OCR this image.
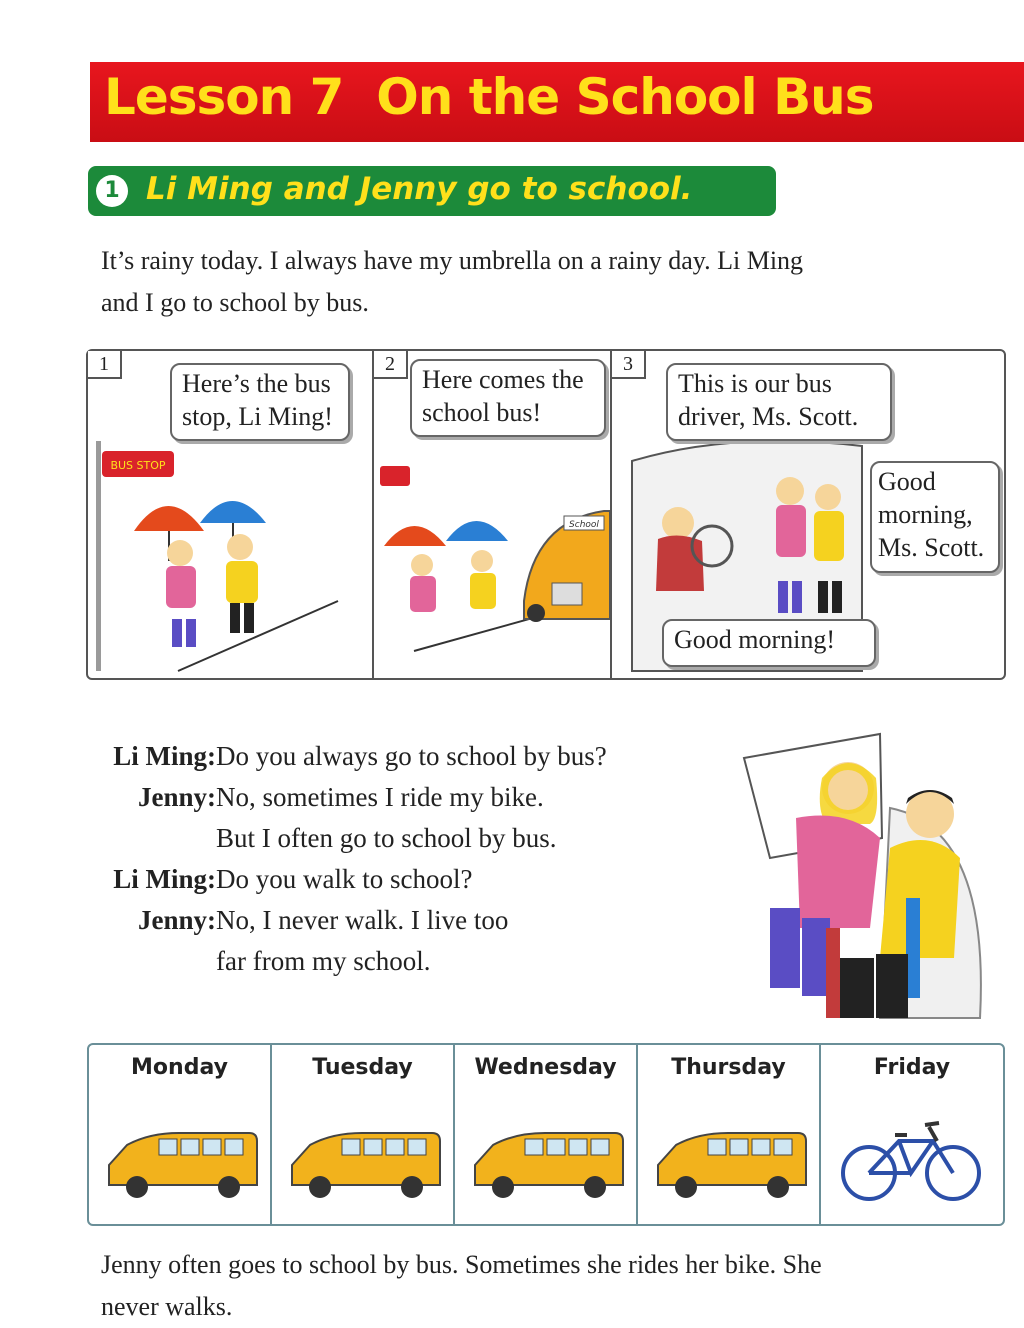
Lesson 7  On the School Bus
1 Li Ming and Jenny go to school.
It’s rainy today. I always have my umbrella on a rainy day. Li Ming
and I go to school by bus.
BUS STOP
1
Here’s the bus
stop, Li Ming!
School
2
Here comes the
school bus!
3
This is our bus
driver, Ms. Scott.
Good
morning,
Ms. Scott.
Good morning!
Li Ming: Do you always go to school by bus?
Jenny: No, sometimes I ride my bike.
But I often go to school by bus.
Li Ming: Do you walk to school?
Jenny: No, I never walk. I live too
far from my school.
Monday	Tuesday	Wednesday	Thursday	Friday
Jenny often goes to school by bus. Sometimes she rides her bike. She
never walks.
